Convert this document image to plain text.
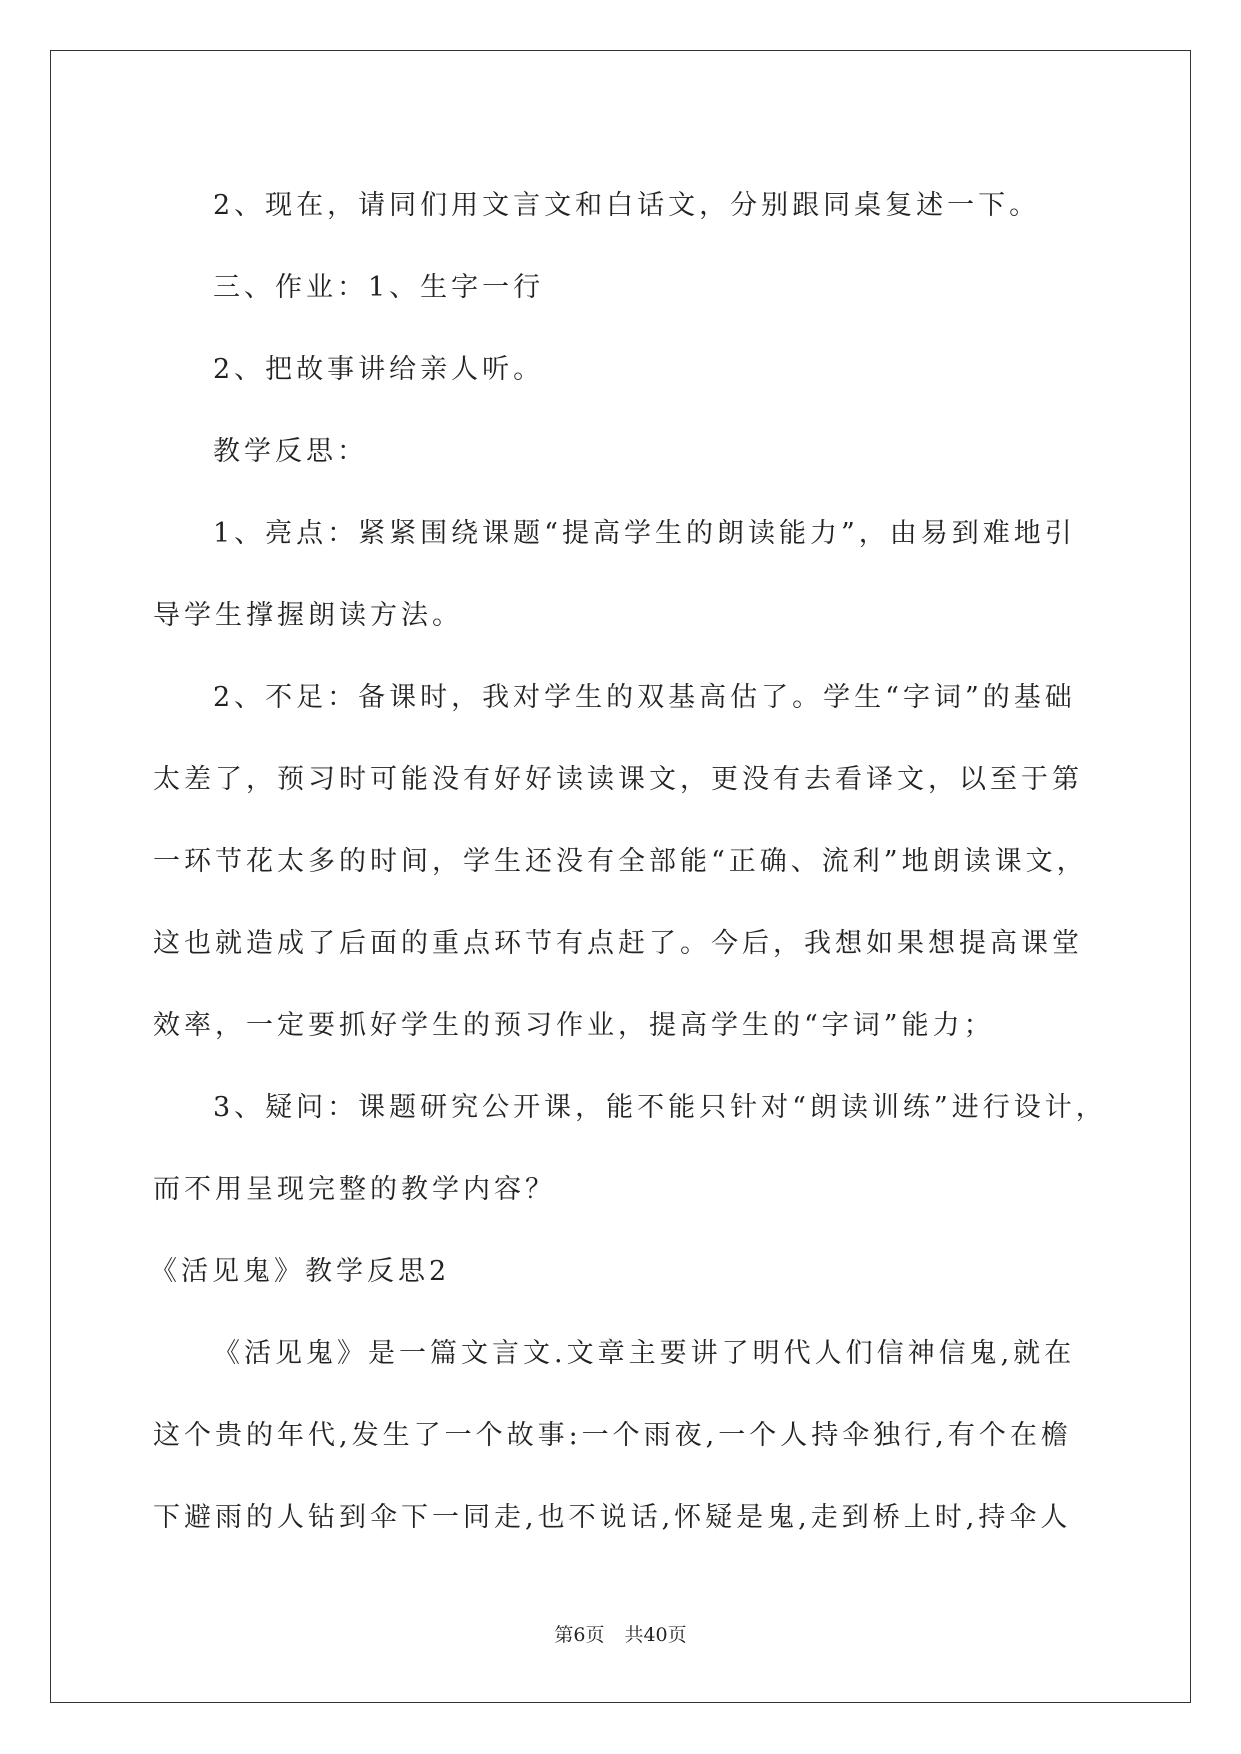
2、现在，请同们用文言文和白话文，分别跟同桌复述一下。

三、作业：1、生字一行

2、把故事讲给亲人听。

教学反思：

1、亮点：紧紧围绕课题“提高学生的朗读能力”，由易到难地引

导学生撑握朗读方法。

2、不足：备课时，我对学生的双基高估了。学生“字词”的基础

太差了，预习时可能没有好好读读课文，更没有去看译文，以至于第

一环节花太多的时间，学生还没有全部能“正确、流利”地朗读课文，

这也就造成了后面的重点环节有点赶了。今后，我想如果想提高课堂

效率，一定要抓好学生的预习作业，提高学生的“字词”能力；

3、疑问：课题研究公开课，能不能只针对“朗读训练”进行设计，

而不用呈现完整的教学内容？

《活见鬼》教学反思2

《活见鬼》是一篇文言文.文章主要讲了明代人们信神信鬼,就在

这个贵的年代,发生了一个故事:一个雨夜,一个人持伞独行,有个在檐

下避雨的人钻到伞下一同走,也不说话,怀疑是鬼,走到桥上时,持伞人

第6页 共40页
